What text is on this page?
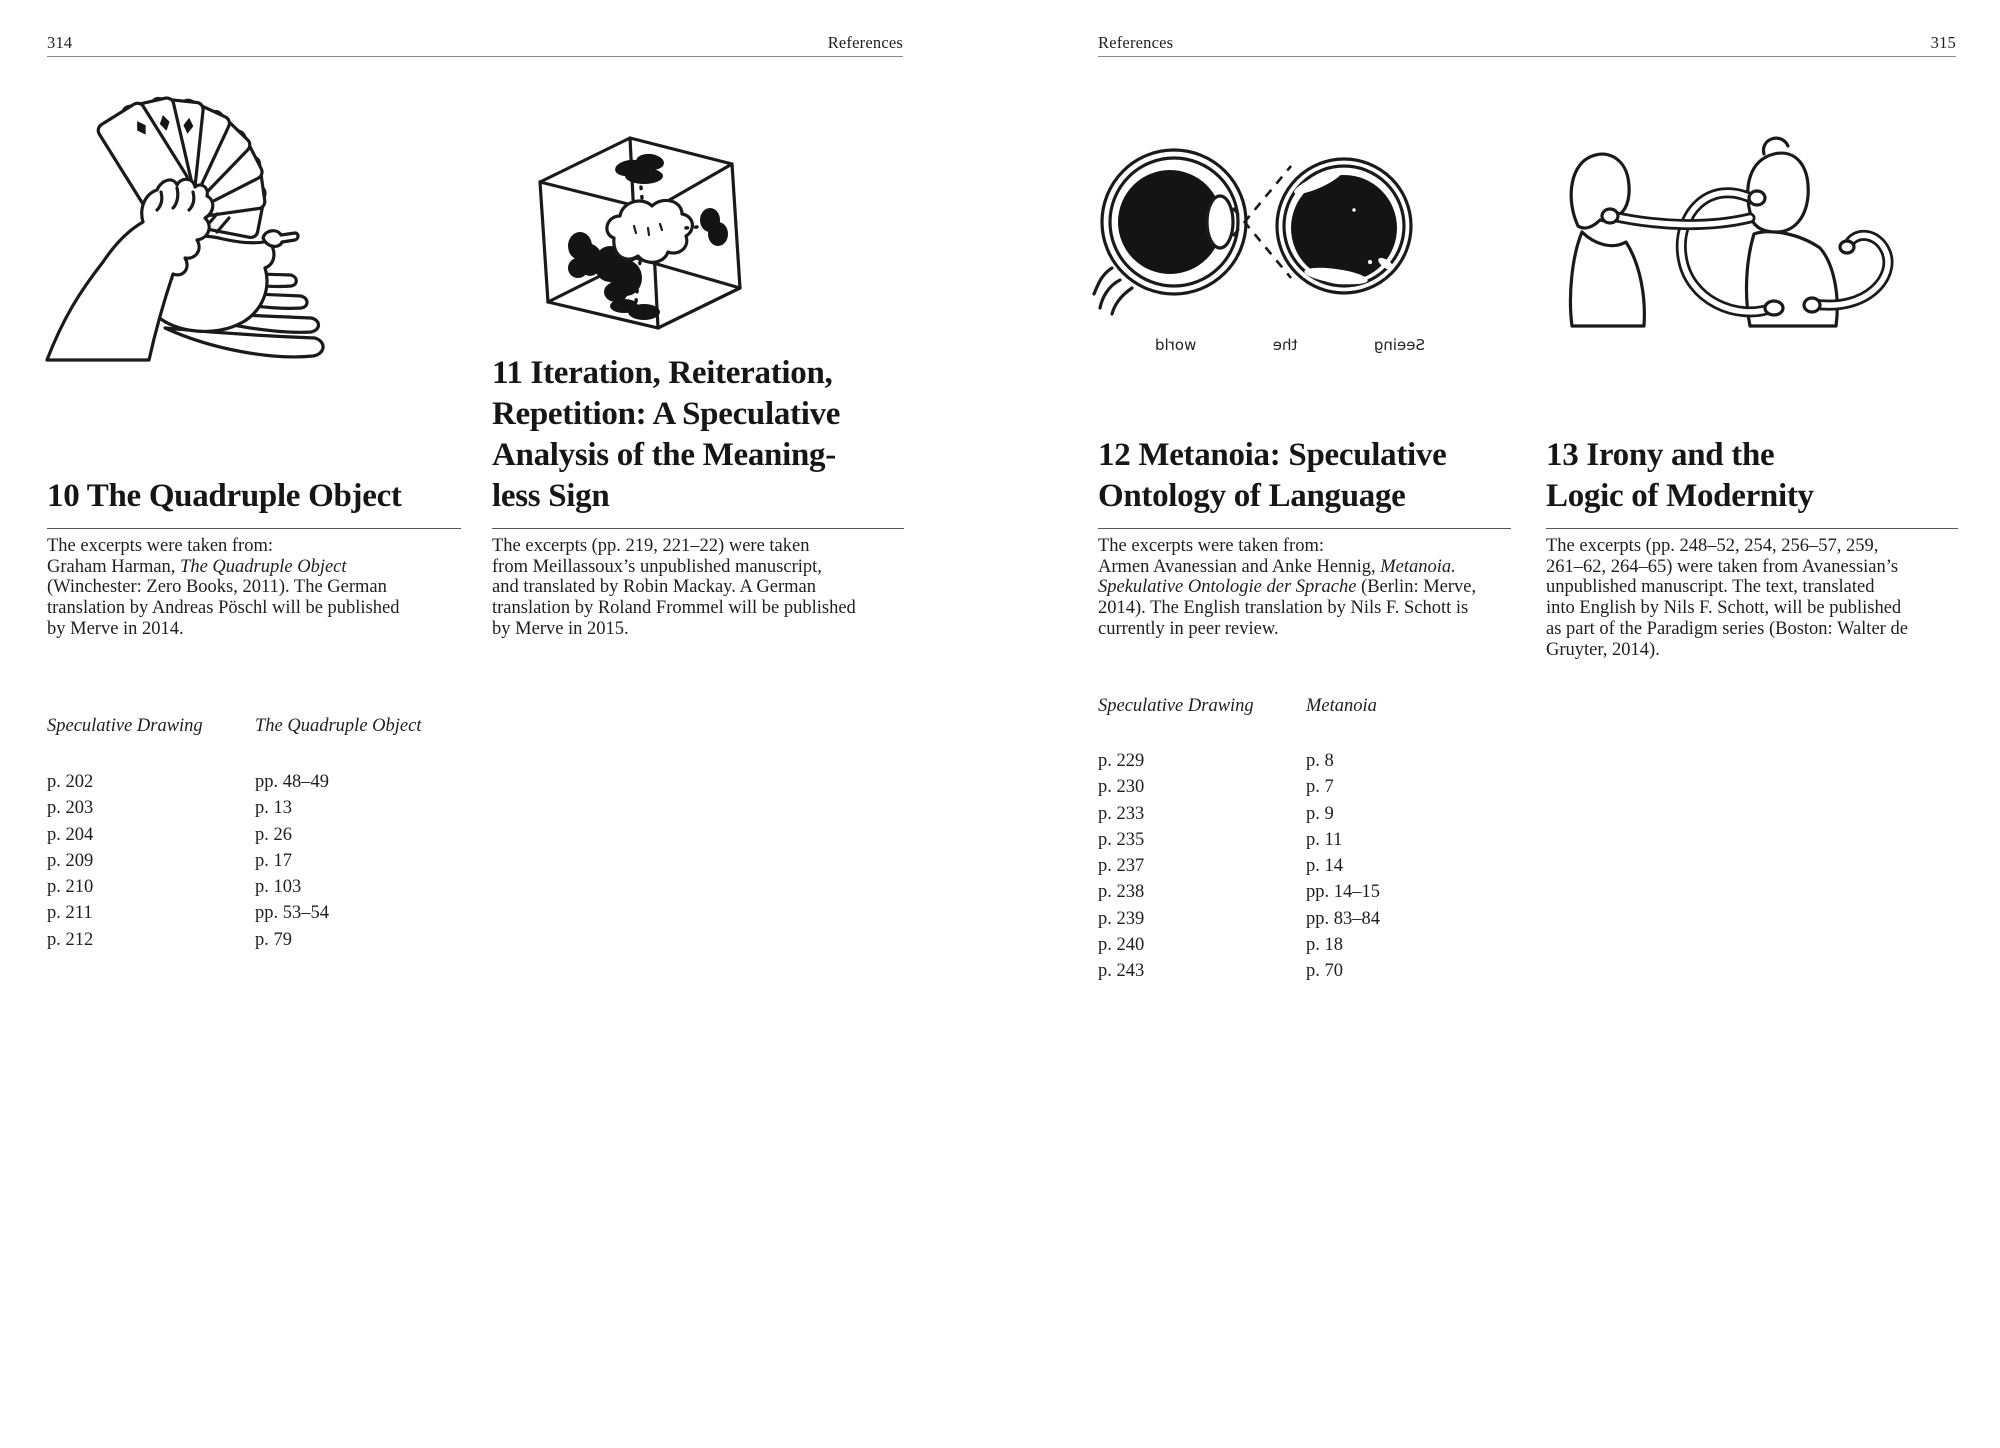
314	References	References	315
Seeing
the
world
10 The Quadruple Object
11 Iteration, Reiteration,
Repetition: A Speculative
Analysis of the Meaning-
less Sign
12 Metanoia: Speculative
Ontology of Language
13 Irony and the
Logic of Modernity
The excerpts were taken from:
Graham Harman, The Quadruple Object
(Winchester: Zero Books, 2011). The German
translation by Andreas Pöschl will be published
by Merve in 2014.
The excerpts (pp. 219, 221–22) were taken
from Meillassoux’s unpublished manuscript,
and translated by Robin Mackay. A German
translation by Roland Frommel will be published
by Merve in 2015.
The excerpts were taken from:
Armen Avanessian and Anke Hennig, Metanoia.
Spekulative Ontologie der Sprache (Berlin: Merve,
2014). The English translation by Nils F. Schott is
currently in peer review.
The excerpts (pp. 248–52, 254, 256–57, 259,
261–62, 264–65) were taken from Avanessian’s
unpublished manuscript. The text, translated
into English by Nils F. Schott, will be published
as part of the Paradigm series (Boston: Walter de
Gruyter, 2014).
Speculative Drawing	The Quadruple Object
p. 202	pp. 48–49
p. 203	p. 13
p. 204	p. 26
p. 209	p. 17
p. 210	p. 103
p. 211	pp. 53–54
p. 212	p. 79
Speculative Drawing	Metanoia
p. 229	p. 8
p. 230	p. 7
p. 233	p. 9
p. 235	p. 11
p. 237	p. 14
p. 238	pp. 14–15
p. 239	pp. 83–84
p. 240	p. 18
p. 243	p. 70
